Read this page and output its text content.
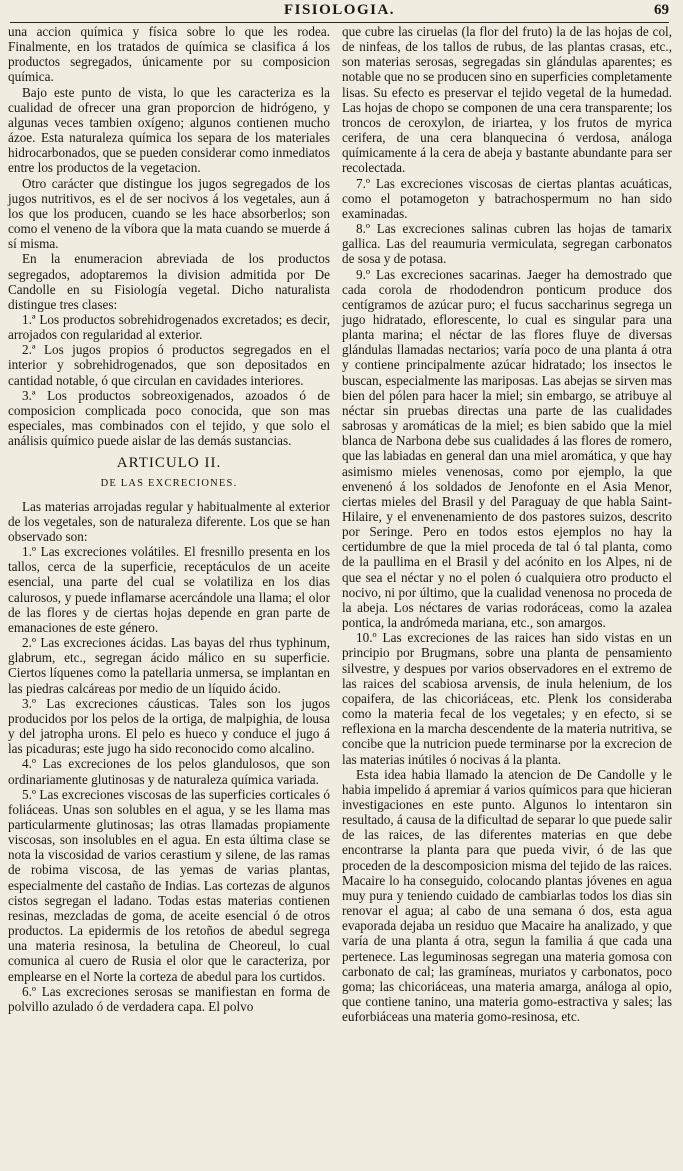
FISIOLOGIA.	69

una accion química y física sobre lo que les rodea. Finalmente, en los tratados de química se clasifica á los productos segregados, únicamente por su composicion química.

Bajo este punto de vista, lo que les caracteriza es la cualidad de ofrecer una gran proporcion de hidrógeno, y algunas veces tambien oxígeno; algunos contienen mucho ázoe. Esta naturaleza química los separa de los materiales hidrocarbonados, que se pueden considerar como inmediatos entre los productos de la vegetacion.

Otro carácter que distingue los jugos segregados de los jugos nutritivos, es el de ser nocivos á los vegetales, aun á los que los producen, cuando se les hace absorberlos; son como el veneno de la víbora que la mata cuando se muerde á sí misma.

En la enumeracion abreviada de los productos segregados, adoptaremos la division admitida por De Candolle en su Fisiología vegetal. Dicho naturalista distingue tres clases:

1.ª Los productos sobrehidrogenados excretados; es decir, arrojados con regularidad al exterior.

2.ª Los jugos propios ó productos segregados en el interior y sobrehidrogenados, que son depositados en cantidad notable, ó que circulan en cavidades interiores.

3.ª Los productos sobreoxigenados, azoados ó de composicion complicada poco conocida, que son mas especiales, mas combinados con el tejido, y que solo el análisis químico puede aislar de las demás sustancias.

ARTICULO II.
DE LAS EXCRECIONES.

Las materias arrojadas regular y habitualmente al exterior de los vegetales, son de naturaleza diferente. Los que se han observado son:

1.º Las excreciones volátiles. El fresnillo presenta en los tallos, cerca de la superficie, receptáculos de un aceite esencial, una parte del cual se volatiliza en los dias calurosos, y puede inflamarse acercándole una llama; el olor de las flores y de ciertas hojas depende en gran parte de emanaciones de este género.

2.º Las excreciones ácidas. Las bayas del rhus typhinum, glabrum, etc., segregan ácido málico en su superficie. Ciertos líquenes como la patellaria unmersa, se implantan en las piedras calcáreas por medio de un líquido ácido.

3.º Las excreciones cáusticas. Tales son los jugos producidos por los pelos de la ortiga, de malpighia, de lousa y del jatropha urons. El pelo es hueco y conduce el jugo á las picaduras; este jugo ha sido reconocido como alcalino.

4.º Las excreciones de los pelos glandulosos, que son ordinariamente glutinosas y de naturaleza química variada.

5.º Las excreciones viscosas de las superficies corticales ó foliáceas. Unas son solubles en el agua, y se les llama mas particularmente glutinosas; las otras llamadas propiamente viscosas, son insolubles en el agua. En esta última clase se nota la viscosidad de varios cerastium y silene, de las ramas de robima viscosa, de las yemas de varias plantas, especialmente del castaño de Indias. Las cortezas de algunos cistos segregan el ladano. Todas estas materias contienen resinas, mezcladas de goma, de aceite esencial ó de otros productos. La epidermis de los retoños de abedul segrega una materia resinosa, la betulina de Cheoreul, lo cual comunica al cuero de Rusia el olor que le caracteriza, por emplearse en el Norte la corteza de abedul para los curtidos.

6.º Las excreciones serosas se manifiestan en forma de polvillo azulado ó de verdadera capa. El polvo

que cubre las ciruelas (la flor del fruto) la de las hojas de col, de ninfeas, de los tallos de rubus, de las plantas crasas, etc., son materias serosas, segregadas sin glándulas aparentes; es notable que no se producen sino en superficies completamente lisas. Su efecto es preservar el tejido vegetal de la humedad. Las hojas de chopo se componen de una cera transparente; los troncos de ceroxylon, de iriartea, y los frutos de myrica cerifera, de una cera blanquecina ó verdosa, análoga químicamente á la cera de abeja y bastante abundante para ser recolectada.

7.º Las excreciones viscosas de ciertas plantas acuáticas, como el potamogeton y batrachospermum no han sido examinadas.

8.º Las excreciones salinas cubren las hojas de tamarix gallica. Las del reaumuria vermiculata, segregan carbonatos de sosa y de potasa.

9.º Las excreciones sacarinas. Jaeger ha demostrado que cada corola de rhododendron ponticum produce dos centígramos de azúcar puro; el fucus saccharinus segrega un jugo hidratado, eflorescente, lo cual es singular para una planta marina; el néctar de las flores fluye de diversas glándulas llamadas nectarios; varía poco de una planta á otra y contiene principalmente azúcar hidratado; los insectos le buscan, especialmente las mariposas. Las abejas se sirven mas bien del pólen para hacer la miel; sin embargo, se atribuye al néctar sin pruebas directas una parte de las cualidades sabrosas y aromáticas de la miel; es bien sabido que la miel blanca de Narbona debe sus cualidades á las flores de romero, que las labiadas en general dan una miel aromática, y que hay asimismo mieles venenosas, como por ejemplo, la que envenenó á los soldados de Jenofonte en el Asia Menor, ciertas mieles del Brasil y del Paraguay de que habla Saint-Hilaire, y el envenenamiento de dos pastores suizos, descrito por Seringe. Pero en todos estos ejemplos no hay la certidumbre de que la miel proceda de tal ó tal planta, como de la paullima en el Brasil y del acónito en los Alpes, ni de que sea el néctar y no el polen ó cualquiera otro producto el nocivo, ni por último, que la cualidad venenosa no proceda de la abeja. Los néctares de varias rodoráceas, como la azalea pontica, la andrómeda mariana, etc., son amargos.

10.º Las excreciones de las raices han sido vistas en un principio por Brugmans, sobre una planta de pensamiento silvestre, y despues por varios observadores en el extremo de las raices del scabiosa arvensis, de inula helenium, de los copaifera, de las chicoriáceas, etc. Plenk los consideraba como la materia fecal de los vegetales; y en efecto, si se reflexiona en la marcha descendente de la materia nutritiva, se concibe que la nutricion puede terminarse por la excrecion de las materias inútiles ó nocivas á la planta.

Esta idea habia llamado la atencion de De Candolle y le habia impelido á apremiar á varios químicos para que hicieran investigaciones en este punto. Algunos lo intentaron sin resultado, á causa de la dificultad de separar lo que puede salir de las raices, de las diferentes materias en que debe encontrarse la planta para que pueda vivir, ó de las que proceden de la descomposicion misma del tejido de las raices. Macaire lo ha conseguido, colocando plantas jóvenes en agua muy pura y teniendo cuidado de cambiarlas todos los dias sin renovar el agua; al cabo de una semana ó dos, esta agua evaporada dejaba un residuo que Macaire ha analizado, y que varía de una planta á otra, segun la familia á que cada una pertenece. Las leguminosas segregan una materia gomosa con carbonato de cal; las gramíneas, muriatos y carbonatos, poco goma; las chicoriáceas, una materia amarga, análoga al opio, que contiene tanino, una materia gomo-estractiva y sales; las euforbiáceas una materia gomo-resinosa, etc.
